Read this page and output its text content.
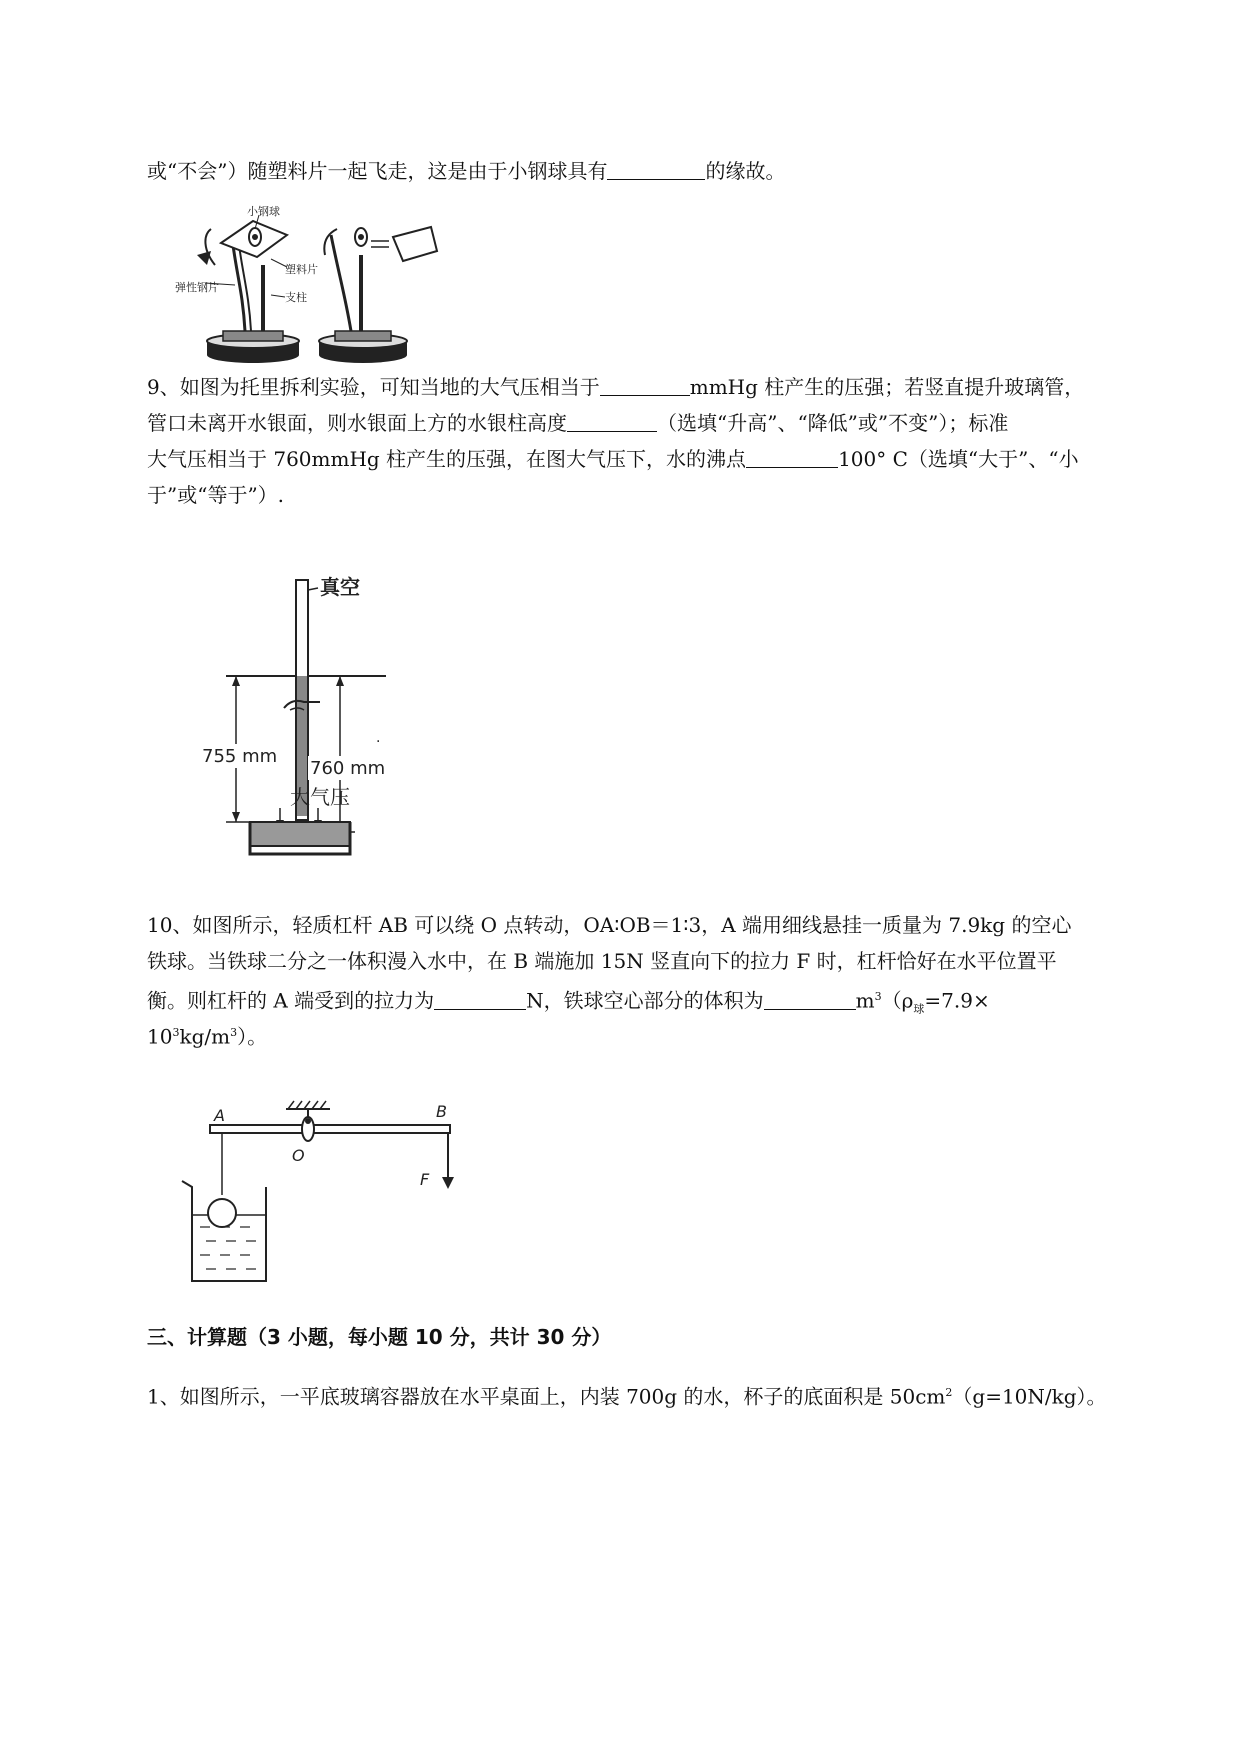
或“不会”）随塑料片一起飞走，这是由于小钢球具有	的缘故。
小钢球
塑料片
弹性钢片
支柱
9、如图为托里拆利实验，可知当地的大气压相当于	mmHg 柱产生的压强；若竖直提升玻璃管，
管口未离开水银面，则水银面上方的水银柱高度	（选填“升高”、“降低”或”不变”）；标准
大气压相当于 760mmHg 柱产生的压强，在图大气压下，水的沸点	100° C（选填“大于”、“小
于”或“等于”）.
真空
755 mm
760 mm
·
大气压
10、如图所示，轻质杠杆 AB 可以绕 O 点转动，OA∶OB＝1∶3，A 端用细线悬挂一质量为 7.9kg 的空心
铁球。当铁球二分之一体积漫入水中，在 B 端施加 15N 竖直向下的拉力 F 时，杠杆恰好在水平位置平
衡。则杠杆的 A 端受到的拉力为	N，铁球空心部分的体积为	$m^3(\rho_球=7.9\times$
$10^3kg/m^3$）。
A	B
O
F
三、计算题（3 小题，每小题 10 分，共计 30 分）
1、如图所示，一平底玻璃容器放在水平桌面上，内装 700g 的水，杯子的底面积是 $50cm^2(g=10N/kg)$。
